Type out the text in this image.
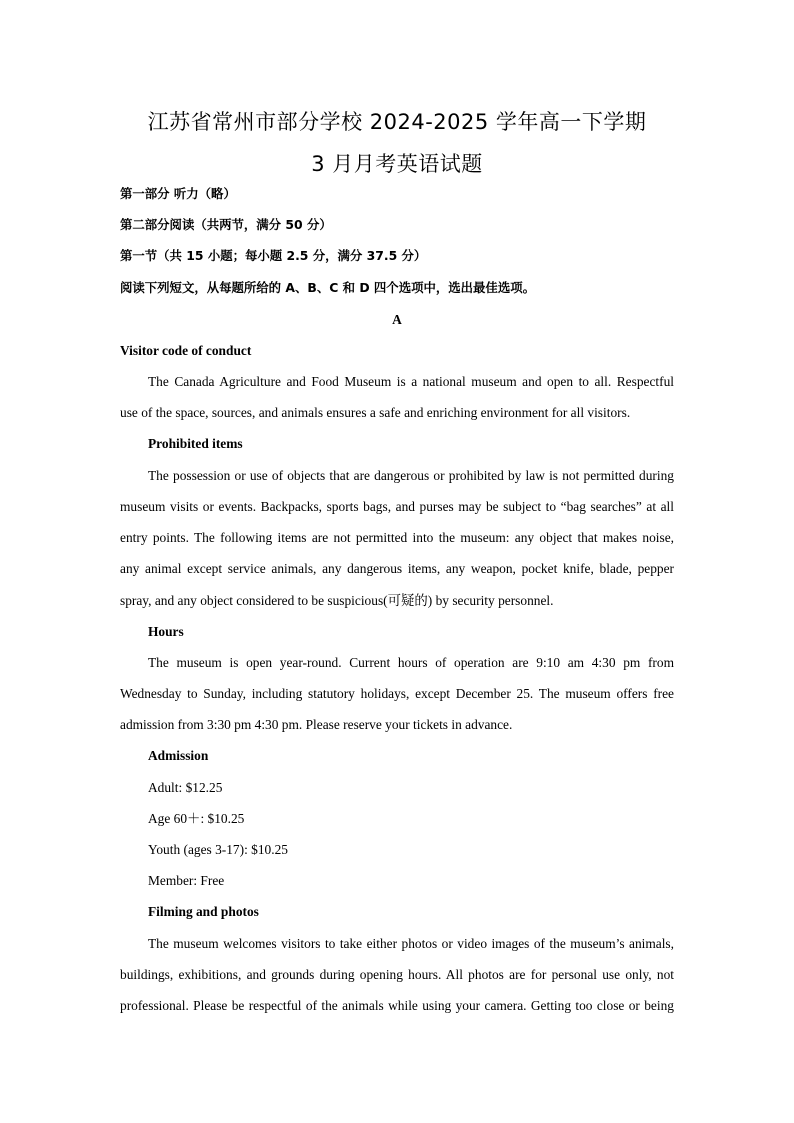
江苏省常州市部分学校 2024-2025 学年高一下学期
3 月月考英语试题
第一部分 听力（略）
第二部分阅读（共两节，满分 50 分）
第一节（共 15 小题；每小题 2.5 分，满分 37.5 分）
阅读下列短文，从每题所给的 A、B、C 和 D 四个选项中，选出最佳选项。
A
Visitor code of conduct
The Canada Agriculture and Food Museum is a national museum and open to all. Respectful
use of the space, sources, and animals ensures a safe and enriching environment for all visitors.
Prohibited items
The possession or use of objects that are dangerous or prohibited by law is not permitted during
museum visits or events. Backpacks, sports bags, and purses may be subject to “bag searches” at all
entry points. The following items are not permitted into the museum: any object that makes noise,
any animal except service animals, any dangerous items, any weapon, pocket knife, blade, pepper
spray, and any object considered to be suspicious(可疑的) by security personnel.
Hours
The museum is open year-round. Current hours of operation are 9:10 am 4:30 pm from
Wednesday to Sunday, including statutory holidays, except December 25. The museum offers free
admission from 3:30 pm 4:30 pm. Please reserve your tickets in advance.
Admission
Adult: $12.25
Age 60＋: $10.25
Youth (ages 3-17): $10.25
Member: Free
Filming and photos
The museum welcomes visitors to take either photos or video images of the museum’s animals,
buildings, exhibitions, and grounds during opening hours. All photos are for personal use only, not
professional. Please be respectful of the animals while using your camera. Getting too close or being
